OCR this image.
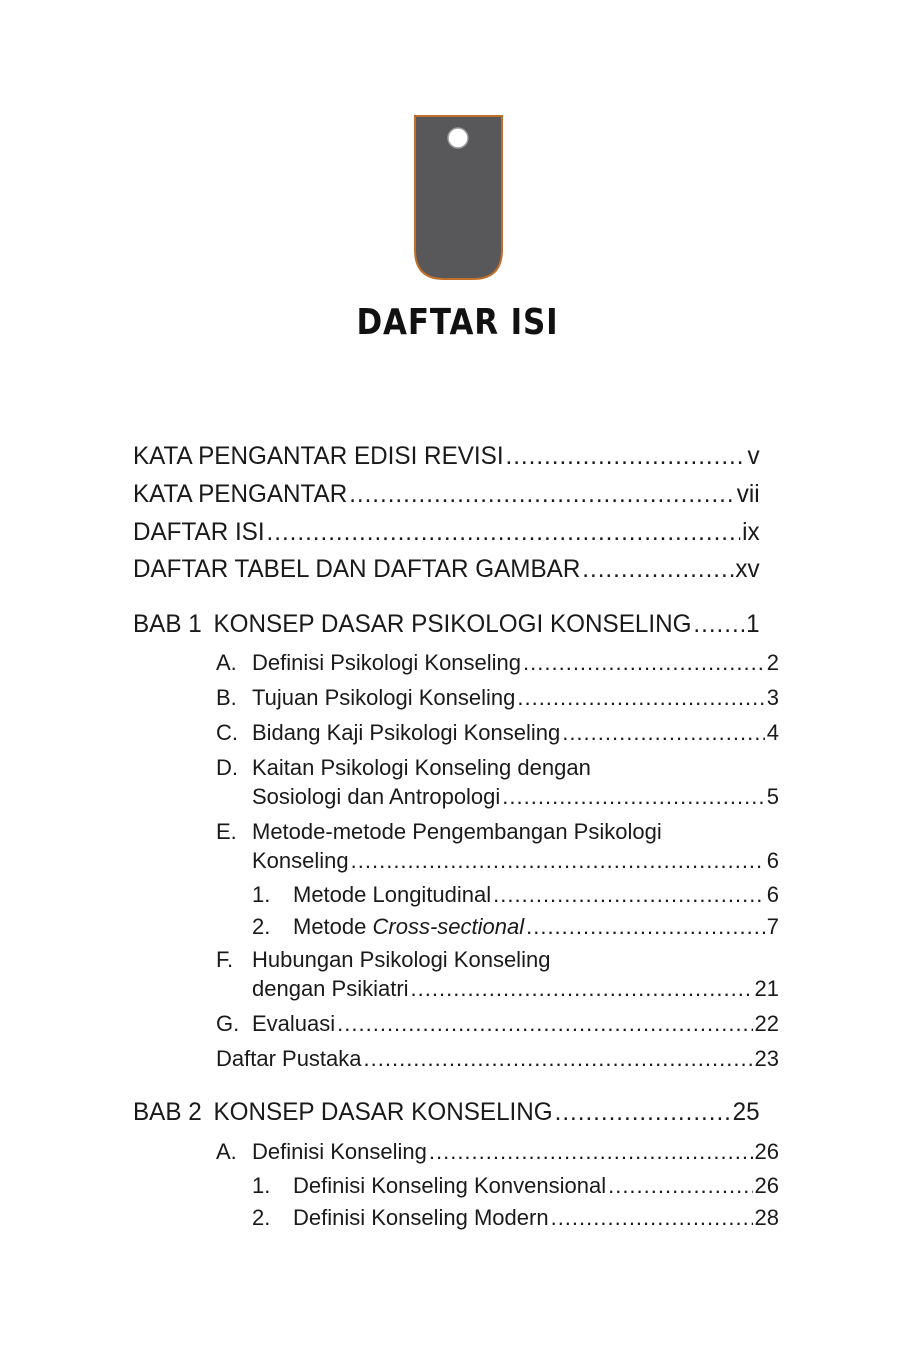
DAFTAR ISI
KATA PENGANTAR EDISI REVISI .....	v
KATA PENGANTAR .....	vii
DAFTAR ISI .....	ix
DAFTAR TABEL DAN DAFTAR GAMBAR .....	xv
BAB 1 KONSEP DASAR PSIKOLOGI KONSELING ..... 1
A. Definisi Psikologi Konseling .....	2
B. Tujuan Psikologi Konseling .....	3
C. Bidang Kaji Psikologi Konseling .....	4
D. Kaitan Psikologi Konseling dengan
Sosiologi dan Antropologi .....	5
E. Metode-metode Pengembangan Psikologi
Konseling .....	6
1.	Metode Longitudinal .....	6
2.	Metode Cross-sectional .....	7
F. Hubungan Psikologi Konseling
dengan Psikiatri .....	21
G. Evaluasi .....	22
Daftar Pustaka .....	23
BAB 2 KONSEP DASAR KONSELING .....	25
A. Definisi Konseling .....	26
1.	Definisi Konseling Konvensional .....	26
2.	Definisi Konseling Modern .....	28
